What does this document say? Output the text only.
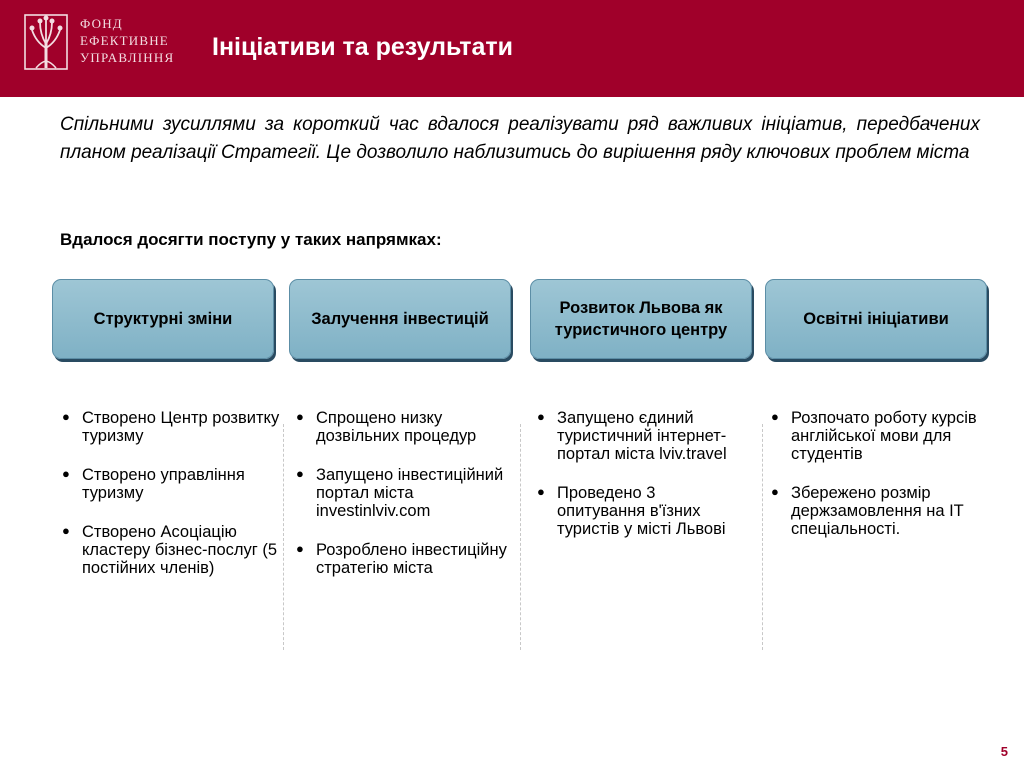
ФОНД
ЕФЕКТИВНЕ
УПРАВЛІННЯ Ініціативи та результати
Спільними зусиллями за короткий час вдалося реалізувати ряд важливих ініціатив, передбачених планом реалізації Стратегії. Це дозволило наблизитись до вирішення ряду ключових проблем міста
Вдалося досягти поступу у таких напрямках:
Структурні зміни	Залучення інвестицій
Розвиток Львова як туристичного центру
Освітні ініціативи
● Створено Центр розвитку туризму
● Створено управління туризму
● Створено Асоціацію кластеру бізнес-послуг (5 постійних членів)
● Спрощено низку дозвільних процедур
● Запущено інвестиційний портал міста investinlviv.com
● Розроблено інвестиційну стратегію міста
● Запущено єдиний туристичний інтернет-портал міста lviv.travel
● Проведено 3 опитування в'їзних туристів у місті Львові
● Розпочато роботу курсів англійської мови для студентів
● Збережено розмір держзамовлення на ІТ спеціальності.
5
